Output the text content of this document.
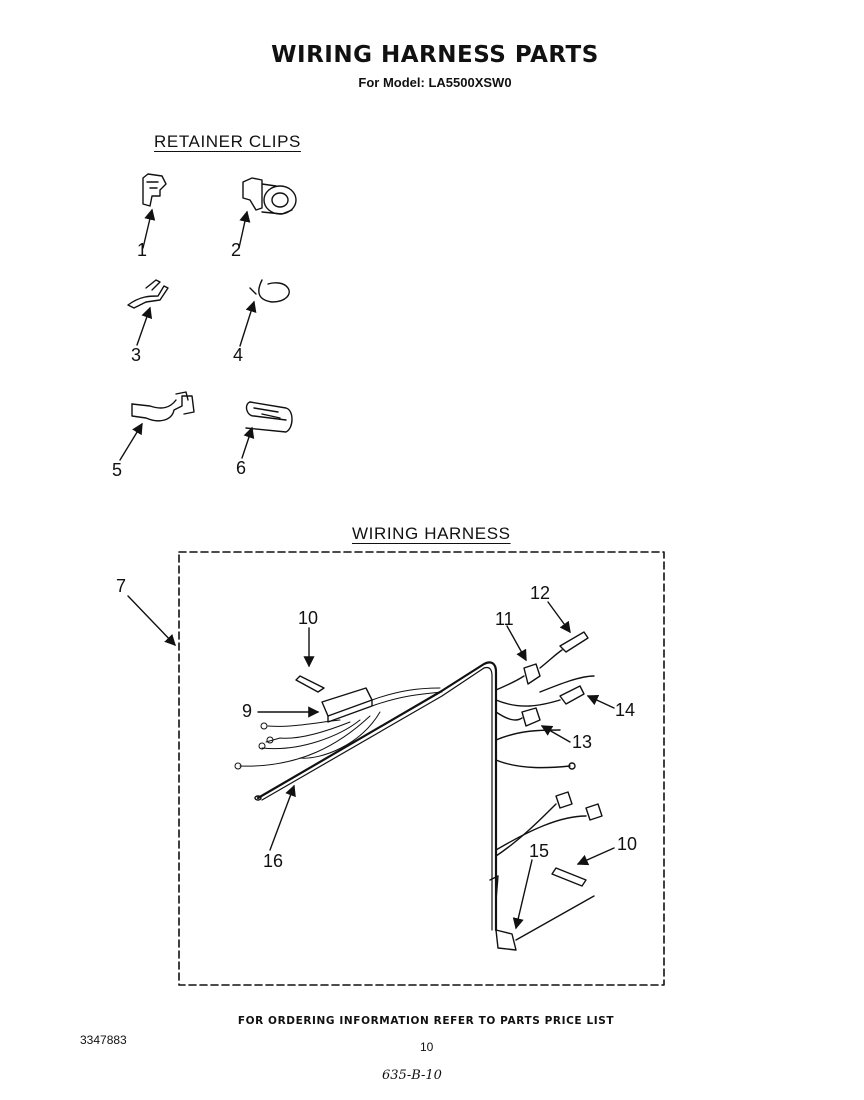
WIRING HARNESS PARTS
For Model: LA5500XSW0
RETAINER CLIPS
WIRING HARNESS
1	2
3	4
5	6
7
9
10	11
12
13
14
15	10
16
FOR ORDERING INFORMATION REFER TO PARTS PRICE LIST
3347883	10
635-B-10
